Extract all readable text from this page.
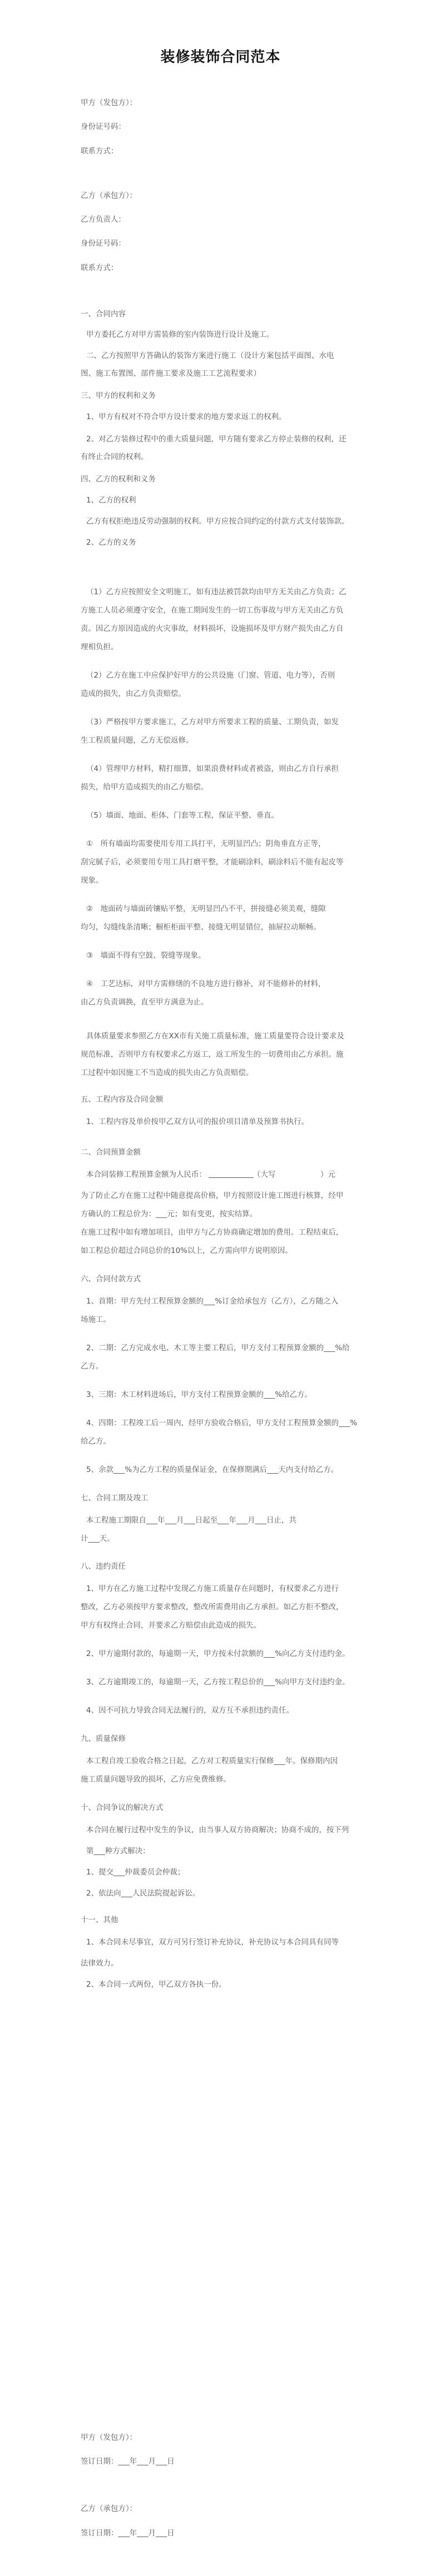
装修装饰合同范本
甲方（发包方）：
身份证号码：
联系方式：
乙方（承包方）：
乙方负责人：
身份证号码：
联系方式：
一、合同内容
甲方委托乙方对甲方需装修的室内装饰进行设计及施工。
二、乙方按照甲方答确认的装饰方案进行施工（设计方案包括平面图、水电
图、施工布置图、部件施工要求及施工工艺流程要求）
三、甲方的权利和义务
1、甲方有权对不符合甲方设计要求的地方要求返工的权利。
2、对乙方装修过程中的重大质量问题，甲方随有要求乙方停止装修的权利，还
有终止合同的权利。
四、乙方的权利和义务
1、乙方的权利
乙方有权拒绝违反劳动强制的权利。甲方应按合同约定的付款方式支付装饰款。
2、乙方的义务
（1）乙方应按照安全文明施工，如有违法被罚款均由甲方无关由乙方负责；乙
方施工人员必须遵守安全，在施工期间发生的一切工伤事故与甲方无关由乙方负
责。因乙方原因造成的火灾事故，材料损坏，设施损坏及甲方财产损失由乙方自
理相负担。
（2）乙方在施工中应保护好甲方的公共设施（门窗、管道、电力等），否则
造成的损失，由乙方负责赔偿。
（3）严格按甲方要求施工，乙方对甲方所要求工程的质量、工期负责，如发
生工程质量问题，乙方无偿返修。
（4）管理甲方材料，精打细算，如果浪费材料或者被盗，则由乙方自行承担
损失，给甲方造成损失的由乙方赔偿。
（5）墙面、地面、柜体、门套等工程，保证平整、垂直。
①　所有墙面均需要使用专用工具打平，无明显凹凸；阴角垂直方正等，
刮完腻子后，必须要用专用工具打磨平整，才能刷涂料，刷涂料后不能有起皮等
现象。
②　地面砖与墙面砖镶贴平整，无明显凹凸不平，拼接缝必须美观，缝隙
均匀，勾缝线条清晰；橱柜柜面平整、接缝无明显错位，抽屉拉动顺畅。
③　墙面不得有空鼓、裂缝等现象。
④　工艺达标，对甲方需修缮的不良地方进行修补，对不能修补的材料，
由乙方负责调换，直至甲方满意为止。
具体质量要求参照乙方在XX市有关施工质量标准，施工质量要符合设计要求及
规范标准，否则甲方有权要求乙方返工，返工所发生的一切费用由乙方承担。施
工过程中如因施工不当造成的损失由乙方负责赔偿。
五、工程内容及合同金额
1、工程内容及单价按甲乙双方认可的报价项目清单及预算书执行。
二、合同预算金额
本合同装修工程预算金额为人民币：
　　　　　　	（大写 　　　　　　）元
为了防止乙方在施工过程中随意提高价格，甲方按照设计施工图进行核算，经甲
方确认的工程总价为：___元；如有变更，按实结算。
在施工过程中如有增加项目，由甲方与乙方协商确定增加的费用。工程结束后，
如工程总价超过合同总价的10%以上，乙方需向甲方说明原因。
六、合同付款方式
1、首期：甲方先付工程预算金额的___%订金给承包方（乙方），乙方随之入
场施工。
2、二期：乙方完成水电、木工等主要工程后，甲方支付工程预算金额的___%给
乙方。
3、三期：木工材料进场后，甲方支付工程预算金额的___%给乙方。
4、四期：工程竣工后一周内，经甲方验收合格后，甲方支付工程预算金额的___%
给乙方。
5、余款___%为乙方工程的质量保证金，在保修期满后___天内支付给乙方。
七、合同工期及竣工
本工程施工期限自___年___月___日起至___年___月___日止，共
计___天。
八、违约责任
1、甲方在乙方施工过程中发现乙方施工质量存在问题时，有权要求乙方进行
整改，乙方必须按甲方要求整改，整改所需费用由乙方承担。如乙方拒不整改，
甲方有权终止合同，并要求乙方赔偿由此造成的损失。
2、甲方逾期付款的，每逾期一天，甲方按未付款额的___%向乙方支付违约金。
3、乙方逾期竣工的，每逾期一天，乙方按工程总价的___%向甲方支付违约金。
4、因不可抗力导致合同无法履行的，双方互不承担违约责任。
九、质量保修
本工程自竣工验收合格之日起，乙方对工程质量实行保修___年。保修期内因
施工质量问题导致的损坏，乙方应免费维修。
十、合同争议的解决方式
本合同在履行过程中发生的争议，由当事人双方协商解决；协商不成的，按下列
第___种方式解决：
1、提交___仲裁委员会仲裁；
2、依法向___人民法院提起诉讼。
十一、其他
1、本合同未尽事宜，双方可另行签订补充协议，补充协议与本合同具有同等
法律效力。
2、本合同一式两份，甲乙双方各执一份。
甲方（发包方）：
签订日期：___年___月___日
乙方（承包方）：
签订日期：___年___月___日
